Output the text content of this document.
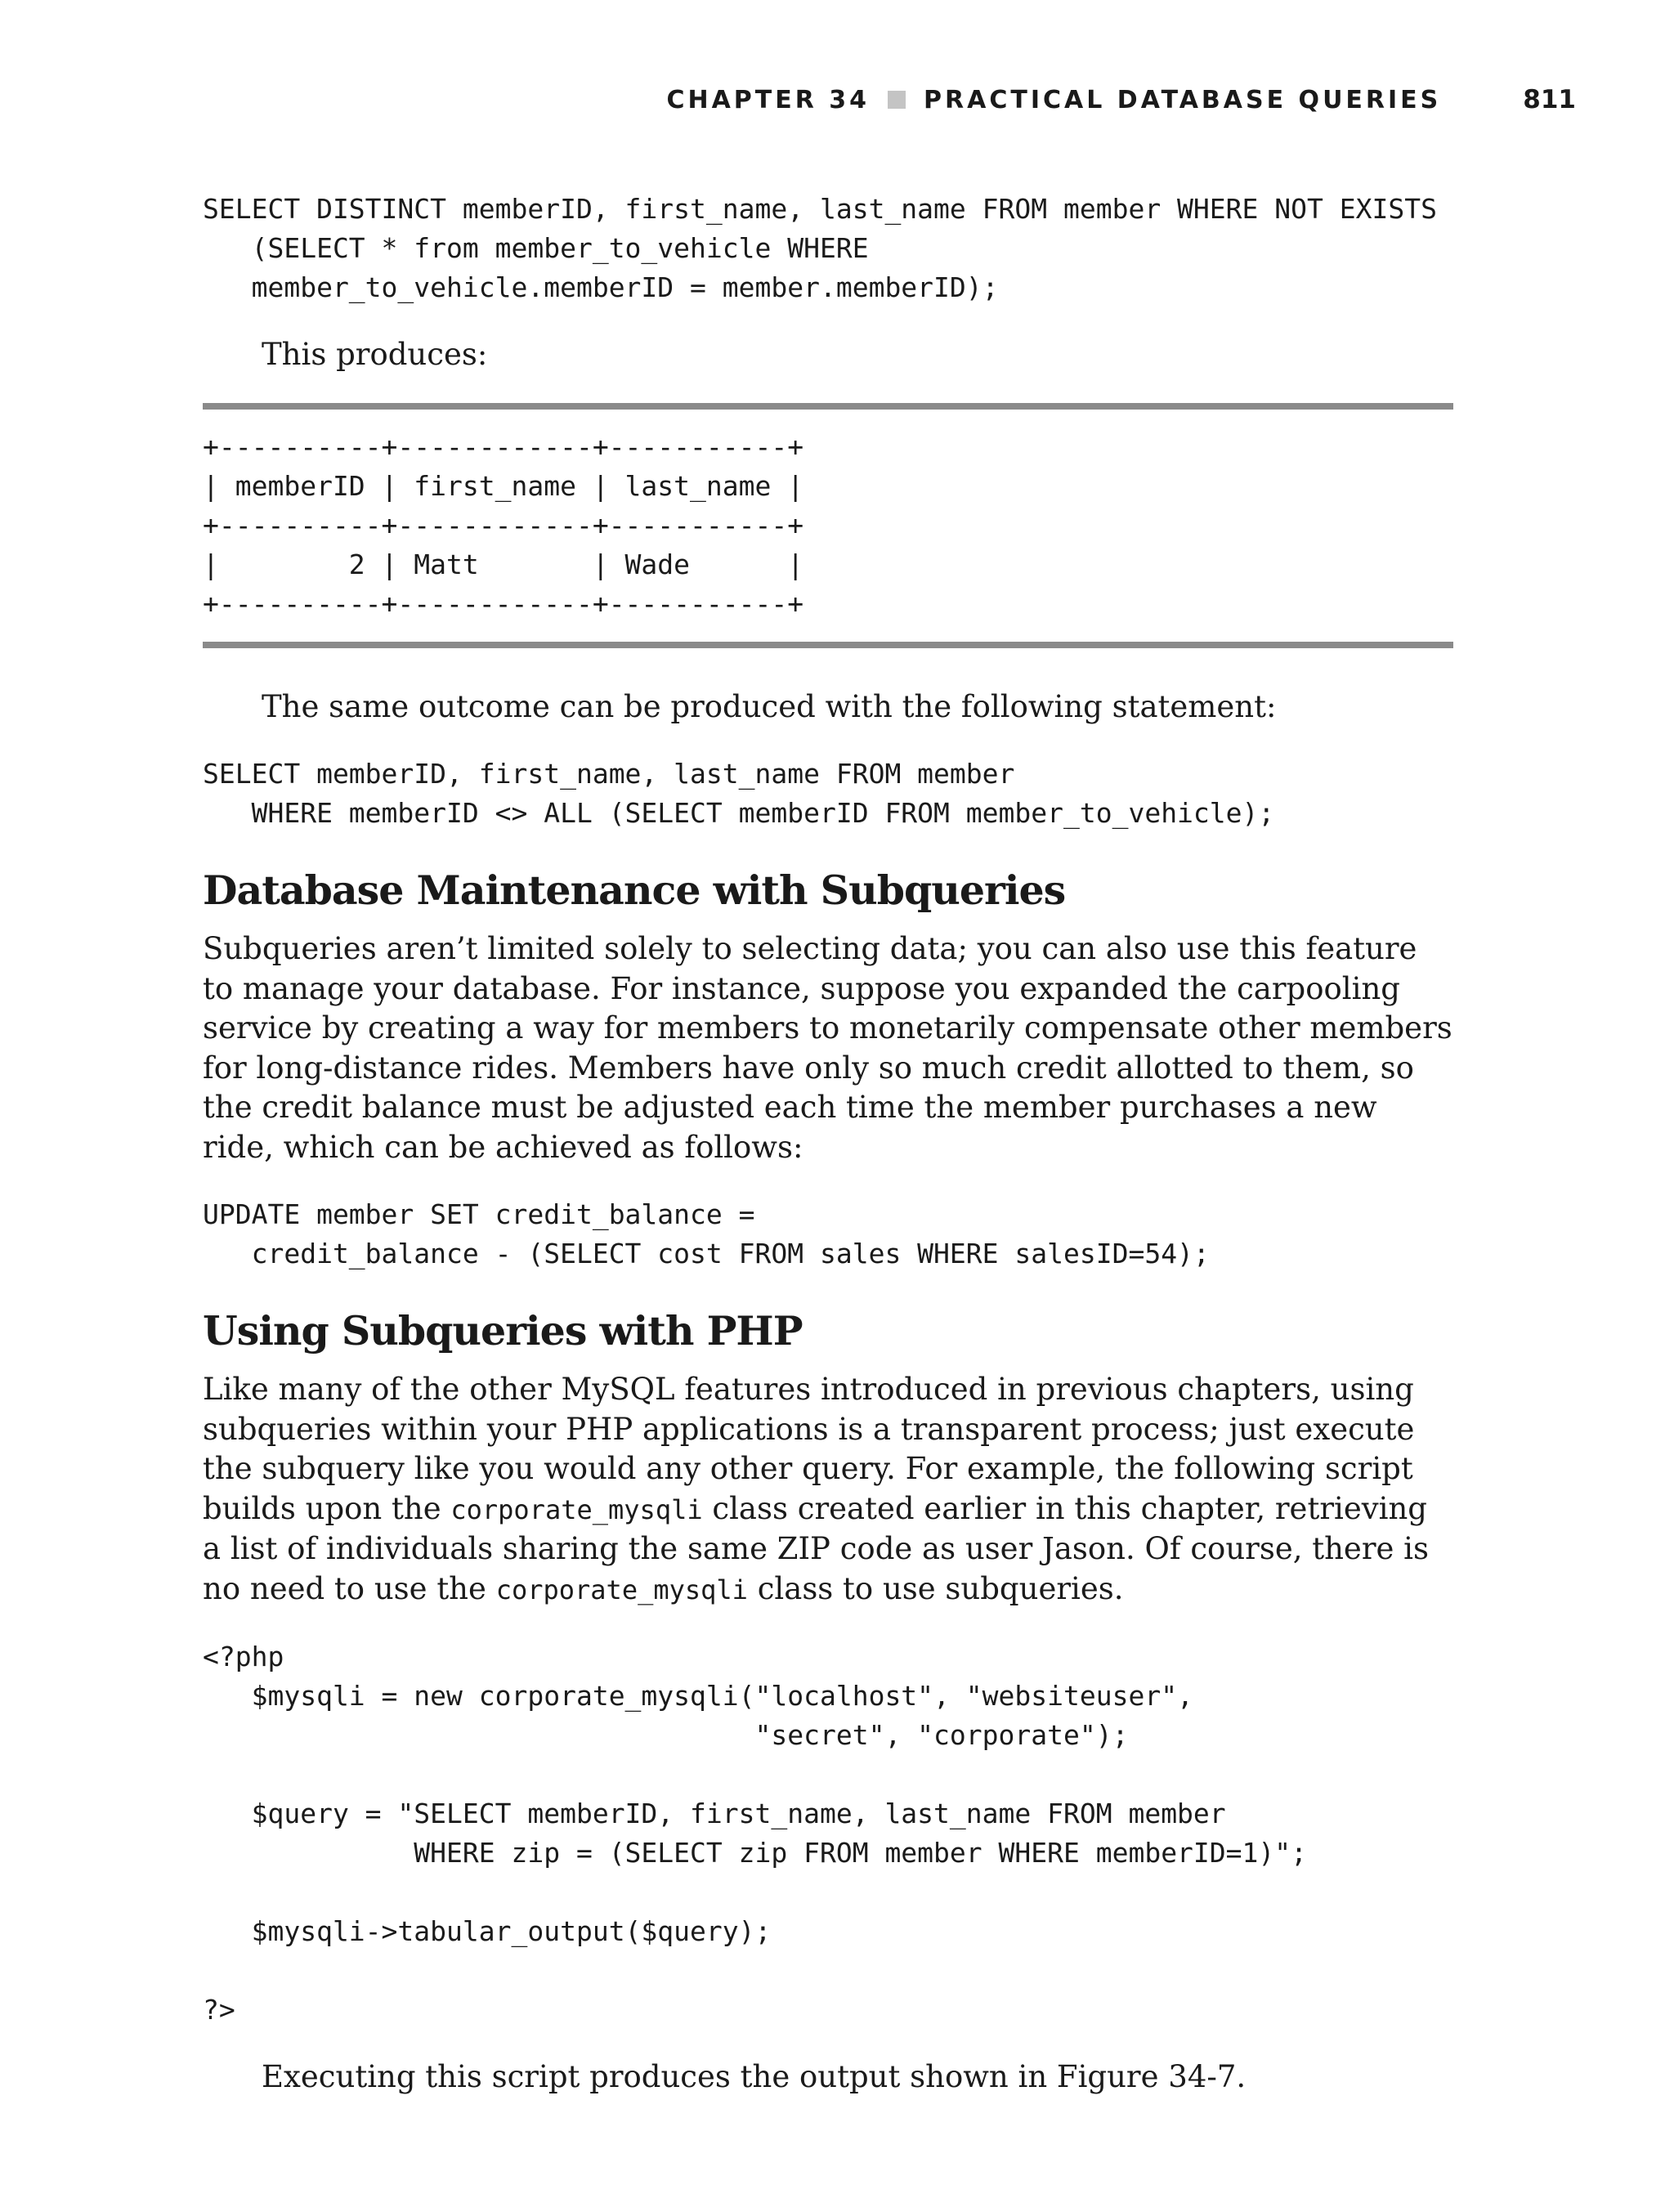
CHAPTER 34 PRACTICAL DATABASE QUERIES	811
SELECT DISTINCT memberID, first_name, last_name FROM member WHERE NOT EXISTS
(SELECT * from member_to_vehicle WHERE
member_to_vehicle.memberID = member.memberID);

This produces:

+----------+------------+-----------+
| memberID | first_name | last_name |
+----------+------------+-----------+
|        2 | Matt       | Wade      |
+----------+------------+-----------+

The same outcome can be produced with the following statement:

SELECT memberID, first_name, last_name FROM member
WHERE memberID <> ALL (SELECT memberID FROM member_to_vehicle);
Database Maintenance with Subqueries

Subqueries aren’t limited solely to selecting data; you can also use this feature to manage your database. For instance, suppose you expanded the carpooling service by creating a way for members to monetarily compensate other members for long-distance rides. Members have only so much credit allotted to them, so the credit balance must be adjusted each time the member purchases a new ride, which can be achieved as follows:

UPDATE member SET credit_balance =
credit_balance - (SELECT cost FROM sales WHERE salesID=54);
Using Subqueries with PHP

Like many of the other MySQL features introduced in previous chapters, using subqueries within your PHP applications is a transparent process; just execute the subquery like you would any other query. For example, the following script builds upon the corporate_mysqli class created earlier in this chapter, retrieving a list of individuals sharing the same ZIP code as user Jason. Of course, there is no need to use the corporate_mysqli class to use subqueries.

<?php
$mysqli = new corporate_mysqli("localhost", "websiteuser",
"secret", "corporate");

$query = "SELECT memberID, first_name, last_name FROM member
WHERE zip = (SELECT zip FROM member WHERE memberID=1)";

$mysqli->tabular_output($query);

?>

Executing this script produces the output shown in Figure 34-7.
